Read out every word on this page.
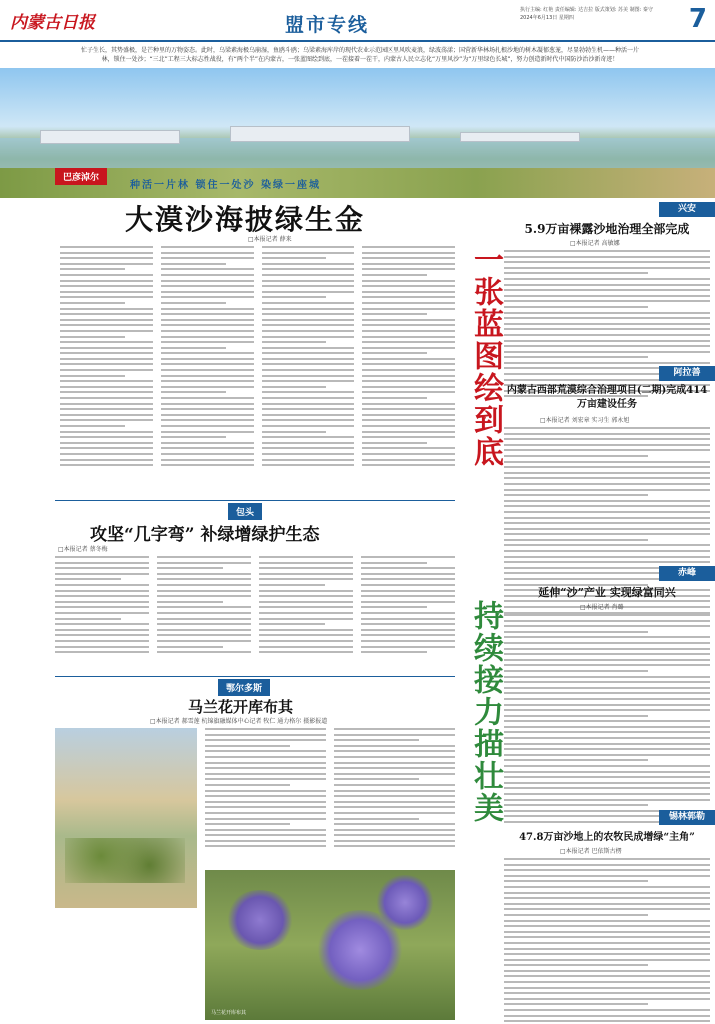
内蒙古日报	盟市专线
执行主编: 红艳 责任编辑: 达吉拉 版式策划: 苏美 制图: 秦守
2024年6月13日 星期四	7
忙子生长，其势盛极，是芒种里的万物姿态。此时，乌梁素海极乌崩湿，鱼鸥斗鸥；乌梁素海库岸的现代农业示范园区里风吹麦浪，绿波荡漾；国营新华林场扎根沙地的树木凝郁葱茏，尽显勃勃生机——种活一片林，锁住一处沙；“三北”工程三大标志性战役，有“两个半”在内蒙古，一张蓝图绘到底，一茬接着一茬干，内蒙古人民立志化“万里风沙”为“万里绿色长城”，努力创造新时代中国防沙治沙新奇迹！
巴彦淖尔
种活一片林 锁住一处沙 染绿一座城
大漠沙海披绿生金
□本报记者 薛来
包头
攻坚“几字弯” 补绿增绿护生态
□本报记者 蔡冬梅
鄂尔多斯
马兰花开库布其
□本报记者 郝雪莲 杭锦旗融媒体中心记者 牧仁 通力格尔 摄影报道
马兰花开库布其
一张蓝图绘到底
持续接力描壮美
兴安
5.9万亩裸露沙地治理全部完成
□本报记者 高敏娜
阿拉善
内蒙古西部荒漠综合治理项目(二期)完成414万亩建设任务
□本报记者 刘宏章 实习生 郭永旭
赤峰
延伸“沙”产业 实现绿富同兴
□本报记者 肖璐
锡林郭勒
47.8万亩沙地上的农牧民成增绿“主角”
□本报记者 巴依斯古楞
